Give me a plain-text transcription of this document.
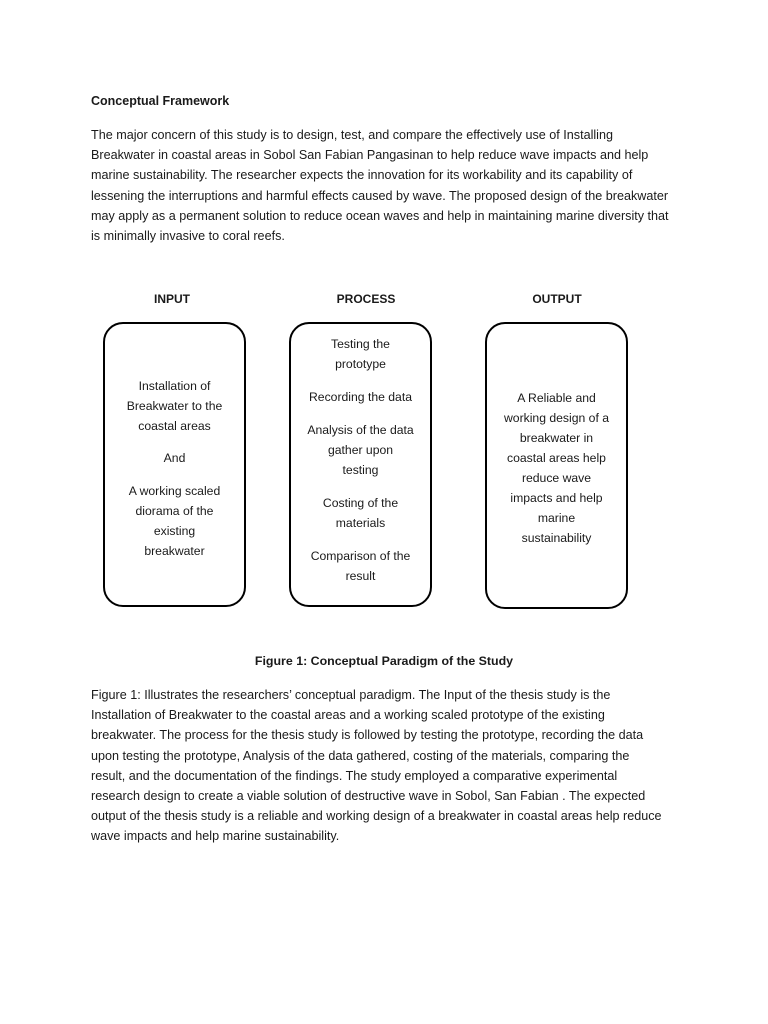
Conceptual Framework

The major concern of this study is to design, test, and compare the effectively use of Installing
Breakwater in coastal areas in Sobol San Fabian Pangasinan to help reduce wave impacts and help
marine sustainability. The researcher expects the innovation for its workability and its capability of
lessening the interruptions and harmful effects caused by wave. The proposed design of the breakwater
may apply as a permanent solution to reduce ocean waves and help in maintaining marine diversity that
is minimally invasive to coral reefs.

INPUT	PROCESS	OUTPUT
Installation of
Breakwater to the
coastal areas
And
A working scaled
diorama of the
existing
breakwater
Testing the
prototype
Recording the data
Analysis of the data
gather upon
testing
Costing of the
materials
Comparison of the
result
A Reliable and
working design of a
breakwater in
coastal areas help
reduce wave
impacts and help
marine
sustainability
Figure 1: Conceptual Paradigm of the Study

Figure 1: Illustrates the researchers’ conceptual paradigm. The Input of the thesis study is the
Installation of Breakwater to the coastal areas and a working scaled prototype of the existing
breakwater. The process for the thesis study is followed by testing the prototype, recording the data
upon testing the prototype, Analysis of the data gathered, costing of the materials, comparing the
result, and the documentation of the findings. The study employed a comparative experimental
research design to create a viable solution of destructive wave in Sobol, San Fabian . The expected
output of the thesis study is a reliable and working design of a breakwater in coastal areas help reduce
wave impacts and help marine sustainability.
